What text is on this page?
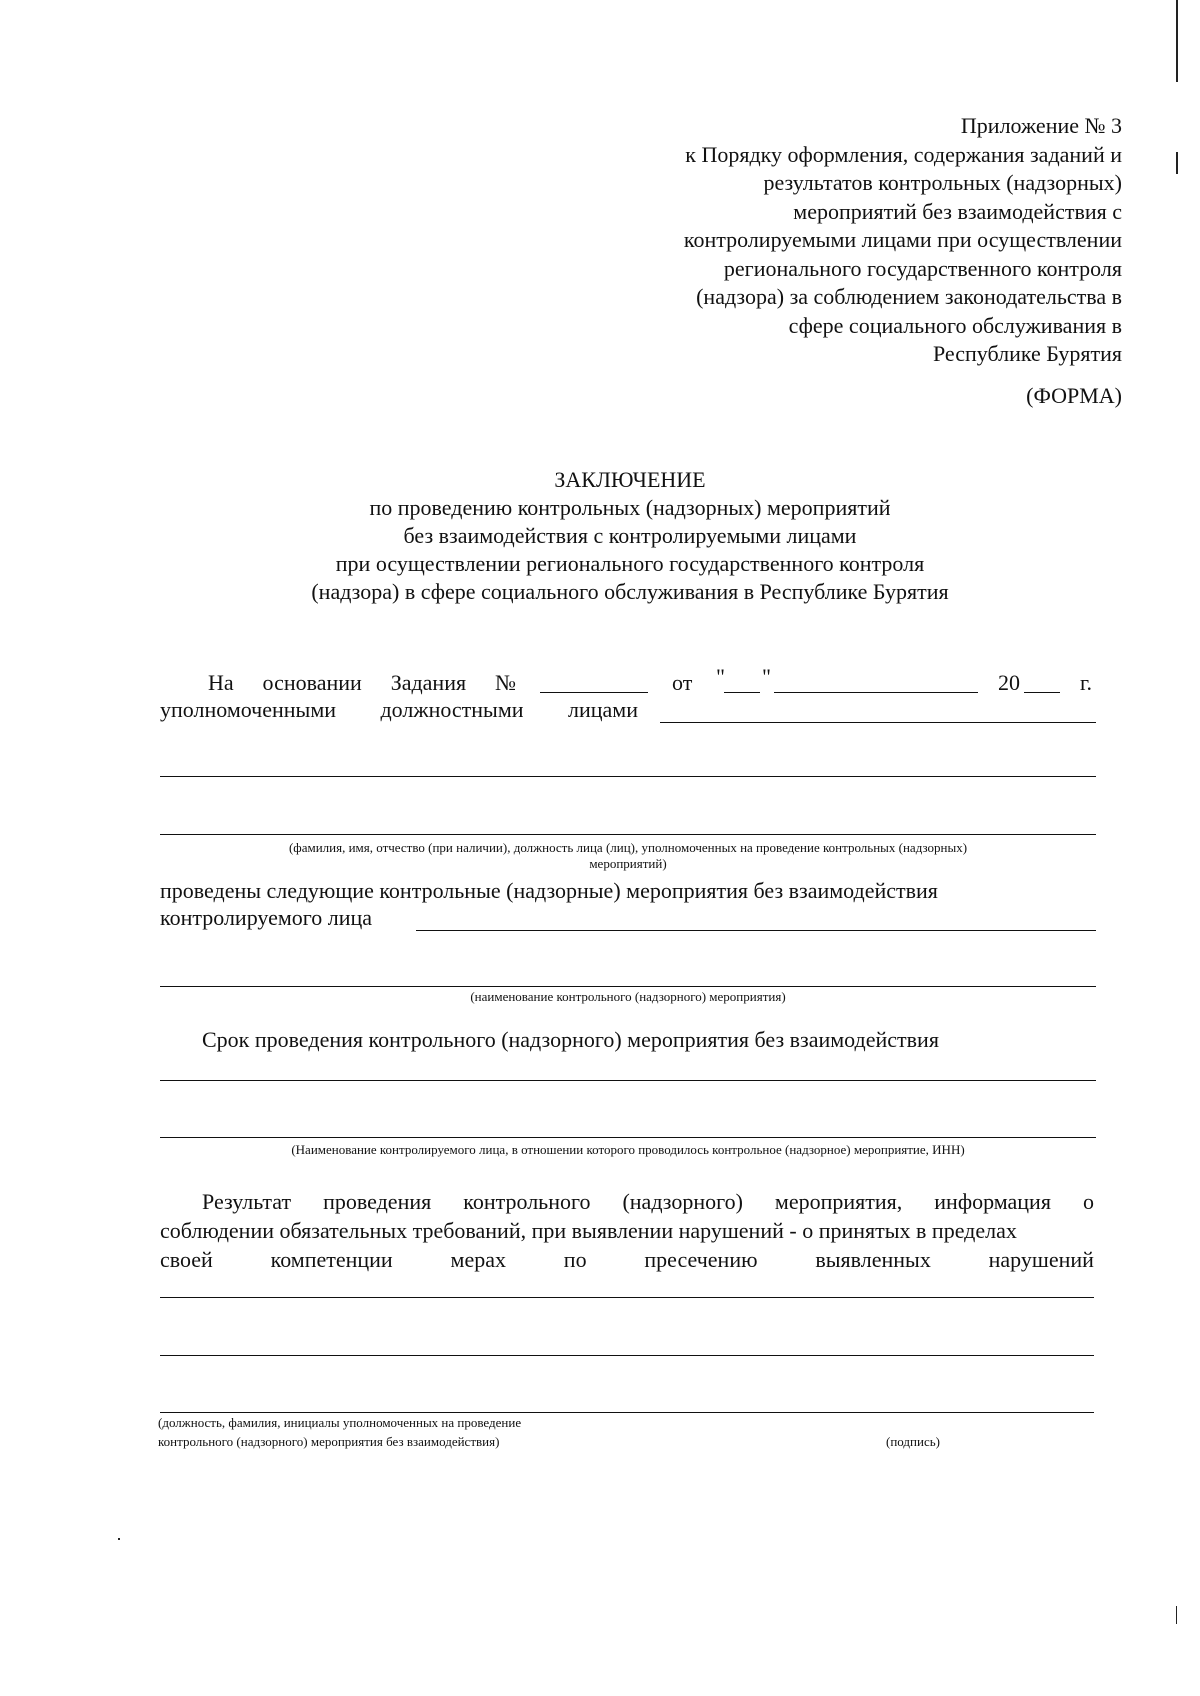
Приложение № 3
к Порядку оформления, содержания заданий и
результатов контрольных (надзорных)
мероприятий без взаимодействия с
контролируемыми лицами при осуществлении
регионального государственного контроля
(надзора) за соблюдением законодательства в
сфере социального обслуживания в
Республике Бурятия
(ФОРМА)
ЗАКЛЮЧЕНИЕ
по проведению контрольных (надзорных) мероприятий
без взаимодействия с контролируемыми лицами
при осуществлении регионального государственного контроля
(надзора) в сфере социального обслуживания в Республике Бурятия
На основании Задания №	от " "	20	г.
уполномоченными должностными лицами
(фамилия, имя, отчество (при наличии), должность лица (лиц), уполномоченных на проведение контрольных (надзорных)
мероприятий)
проведены следующие контрольные (надзорные) мероприятия без взаимодействия
контролируемого лица
(наименование контрольного (надзорного) мероприятия)
Срок проведения контрольного (надзорного) мероприятия без взаимодействия
(Наименование контролируемого лица, в отношении которого проводилось контрольное (надзорное) мероприятие, ИНН)
Результат проведения контрольного (надзорного) мероприятия, информация о
соблюдении обязательных требований, при выявлении нарушений - о принятых в пределах
своей	компетенции	мерах	по	пресечению	выявленных	нарушений
(должность, фамилия, инициалы уполномоченных на проведение
контрольного (надзорного) мероприятия без взаимодействия)	(подпись)
